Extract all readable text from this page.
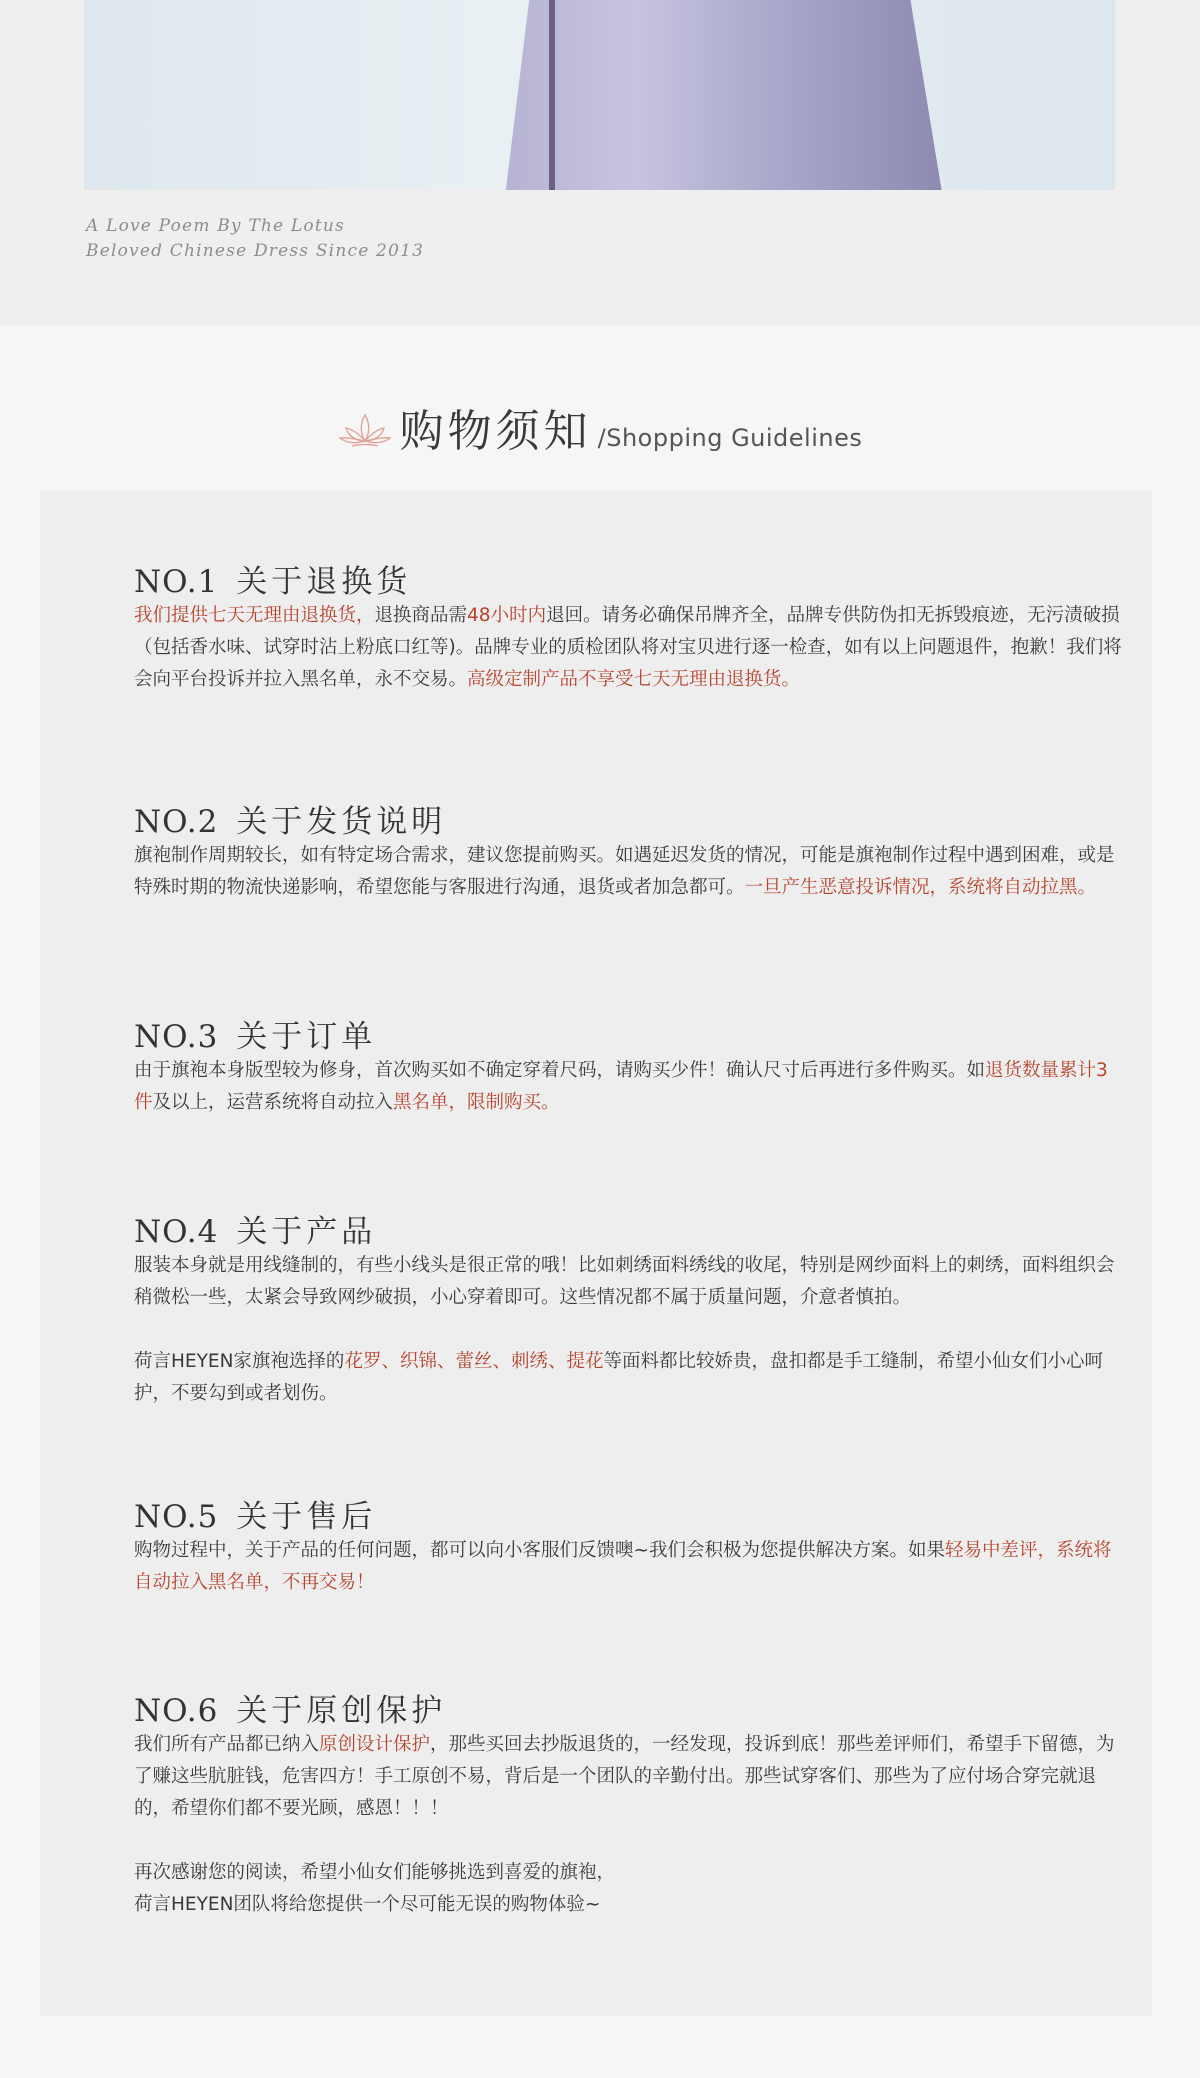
A Love Poem By The Lotus
Beloved Chinese Dress Since 2013
购物须知 /Shopping Guidelines
NO.1 关于退换货

我们提供七天无理由退换货，退换商品需48小时内退回。请务必确保吊牌齐全，品牌专供防伪扣无拆毁痕迹，无污渍破损（包括香水味、试穿时沾上粉底口红等)。品牌专业的质检团队将对宝贝进行逐一检查，如有以上问题退件，抱歉！我们将会向平台投诉并拉入黑名单，永不交易。高级定制产品不享受七天无理由退换货。

NO.2 关于发货说明

旗袍制作周期较长，如有特定场合需求，建议您提前购买。如遇延迟发货的情况，可能是旗袍制作过程中遇到困难，或是特殊时期的物流快递影响，希望您能与客服进行沟通，退货或者加急都可。一旦产生恶意投诉情况，系统将自动拉黑。

NO.3 关于订单

由于旗袍本身版型较为修身，首次购买如不确定穿着尺码，请购买少件！确认尺寸后再进行多件购买。如退货数量累计3件及以上，运营系统将自动拉入黑名单，限制购买。

NO.4 关于产品

服装本身就是用线缝制的，有些小线头是很正常的哦！比如刺绣面料绣线的收尾，特别是网纱面料上的刺绣，面料组织会稍微松一些，太紧会导致网纱破损，小心穿着即可。这些情况都不属于质量问题，介意者慎拍。

荷言HEYEN家旗袍选择的花罗、织锦、蕾丝、刺绣、提花等面料都比较娇贵，盘扣都是手工缝制，希望小仙女们小心呵护，不要勾到或者划伤。

NO.5 关于售后

购物过程中，关于产品的任何问题，都可以向小客服们反馈噢~我们会积极为您提供解决方案。如果轻易中差评，系统将自动拉入黑名单，不再交易！

NO.6 关于原创保护

我们所有产品都已纳入原创设计保护，那些买回去抄版退货的，一经发现，投诉到底！那些差评师们，希望手下留德，为了赚这些肮脏钱，危害四方！手工原创不易，背后是一个团队的辛勤付出。那些试穿客们、那些为了应付场合穿完就退的，希望你们都不要光顾，感恩！！！

再次感谢您的阅读，希望小仙女们能够挑选到喜爱的旗袍，
荷言HEYEN团队将给您提供一个尽可能无误的购物体验~
